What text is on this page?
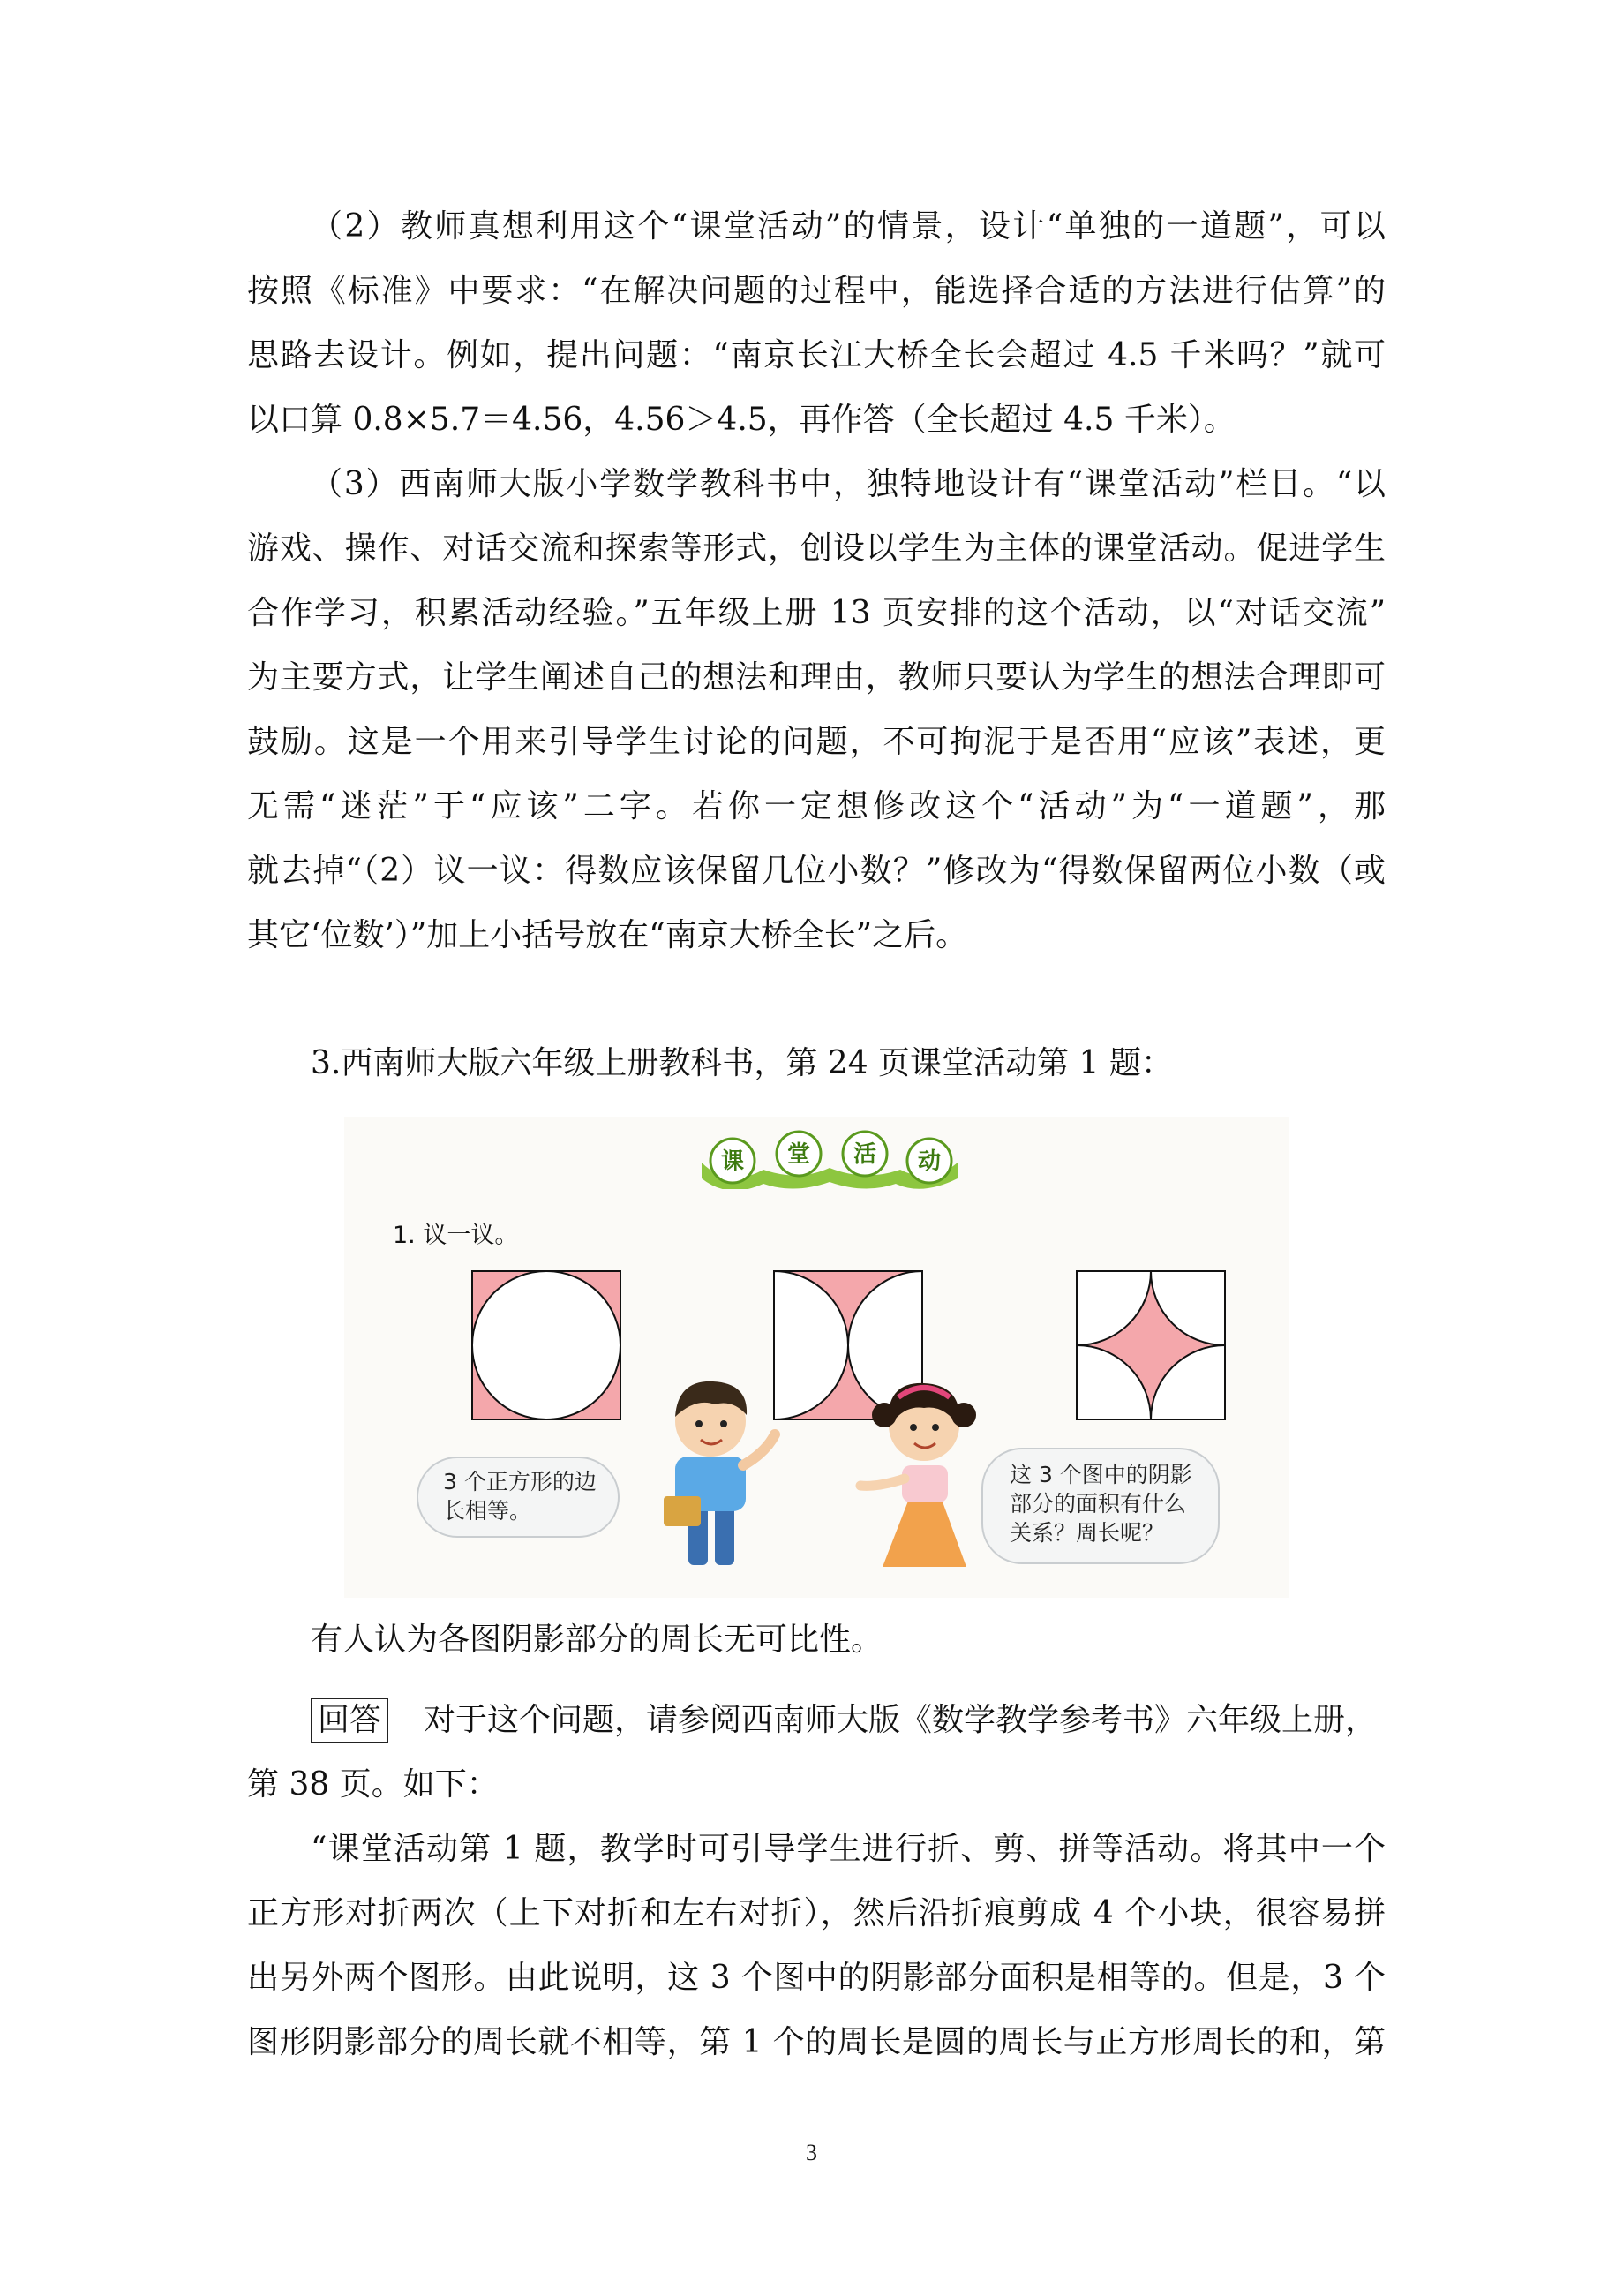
（2）教师真想利用这个“课堂活动”的情景，设计“单独的一道题”，可以
按照《标准》中要求：“在解决问题的过程中，能选择合适的方法进行估算”的
思路去设计。例如，提出问题：“南京长江大桥全长会超过 4.5 千米吗？”就可
以口算 0.8×5.7＝4.56，4.56＞4.5，再作答（全长超过 4.5 千米）。
（3）西南师大版小学数学教科书中，独特地设计有“课堂活动”栏目。“以
游戏、操作、对话交流和探索等形式，创设以学生为主体的课堂活动。促进学生
合作学习，积累活动经验。”五年级上册 13 页安排的这个活动，以“对话交流”
为主要方式，让学生阐述自己的想法和理由，教师只要认为学生的想法合理即可
鼓励。这是一个用来引导学生讨论的问题，不可拘泥于是否用“应该”表述，更
无需“迷茫”于“应该”二字。若你一定想修改这个“活动”为“一道题”，那
就去掉“（2）议一议：得数应该保留几位小数？”修改为“得数保留两位小数（或
其它‘位数’）”加上小括号放在“南京大桥全长”之后。
3.西南师大版六年级上册教科书，第 24 页课堂活动第 1 题：
课 堂 活 动
1. 议一议。
3 个正方形的边
长相等。
这 3 个图中的阴影
部分的面积有什么
关系？周长呢？
有人认为各图阴影部分的周长无可比性。
回答 对于这个问题，请参阅西南师大版《数学教学参考书》六年级上册，
第 38 页。如下：
“课堂活动第 1 题，教学时可引导学生进行折、剪、拼等活动。将其中一个
正方形对折两次（上下对折和左右对折），然后沿折痕剪成 4 个小块，很容易拼
出另外两个图形。由此说明，这 3 个图中的阴影部分面积是相等的。但是，3 个
图形阴影部分的周长就不相等，第 1 个的周长是圆的周长与正方形周长的和，第
3
